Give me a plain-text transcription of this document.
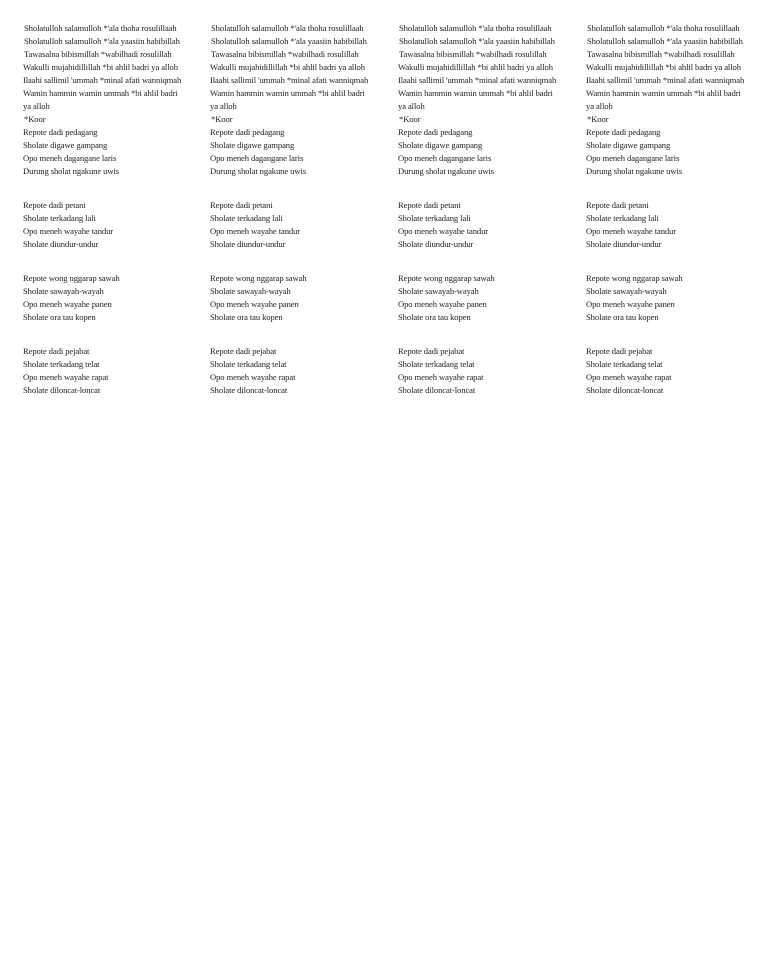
Sholatulloh salamulloh *'ala thoha rosulillaah
Sholatulloh salamulloh *'ala yaasiin habibillah
Tawasalna bibismillah *wabilhadi rosulillah
Wakulli mujahidillillah *bi ahlil badri ya alloh
Ilaahi sallimil 'ummah *minal afati wanniqmah
Wamin hammin wamin ummah *bi ahlil badri ya alloh
*Koor
Repote dadi pedagang
Sholate digawe gampang
Opo meneh dagangane laris
Durung sholat ngakune uwis
Repote dadi petani
Sholate terkadang lali
Opo meneh wayahe tandur
Sholate diundur-undur
Repote wong nggarap sawah
Sholate sawayah-wayah
Opo meneh wayahe panen
Sholate ora tau kopen
Repote dadi pejabat
Sholate terkadang telat
Opo meneh wayahe rapat
Sholate diloncat-loncat
Sholatulloh salamulloh *'ala thoha rosulillaah
Sholatulloh salamulloh *'ala yaasiin habibillah
Tawasalna bibismillah *wabilhadi rosulillah
Wakulli mujahidillillah *bi ahlil badri ya alloh
Ilaahi sallimil 'ummah *minal afati wanniqmah
Wamin hammin wamin ummah *bi ahlil badri ya alloh
*Koor
Repote dadi pedagang
Sholate digawe gampang
Opo meneh dagangane laris
Durung sholat ngakune uwis
Repote dadi petani
Sholate terkadang lali
Opo meneh wayahe tandur
Sholate diundur-undur
Repote wong nggarap sawah
Sholate sawayah-wayah
Opo meneh wayahe panen
Sholate ora tau kopen
Repote dadi pejabat
Sholate terkadang telat
Opo meneh wayahe rapat
Sholate diloncat-loncat
Sholatulloh salamulloh *'ala thoha rosulillaah
Sholatulloh salamulloh *'ala yaasiin habibillah
Tawasalna bibismillah *wabilhadi rosulillah
Wakulli mujahidillillah *bi ahlil badri ya alloh
Ilaahi sallimil 'ummah *minal afati wanniqmah
Wamin hammin wamin ummah *bi ahlil badri ya alloh
*Koor
Repote dadi pedagang
Sholate digawe gampang
Opo meneh dagangane laris
Durung sholat ngakune uwis
Repote dadi petani
Sholate terkadang lali
Opo meneh wayahe tandur
Sholate diundur-undur
Repote wong nggarap sawah
Sholate sawayah-wayah
Opo meneh wayahe panen
Sholate ora tau kopen
Repote dadi pejabat
Sholate terkadang telat
Opo meneh wayahe rapat
Sholate diloncat-loncat
Sholatulloh salamulloh *'ala thoha rosulillaah
Sholatulloh salamulloh *'ala yaasiin habibillah
Tawasalna bibismillah *wabilhadi rosulillah
Wakulli mujahidillillah *bi ahlil badri ya alloh
Ilaahi sallimil 'ummah *minal afati wanniqmah
Wamin hammin wamin ummah *bi ahlil badri ya alloh
*Koor
Repote dadi pedagang
Sholate digawe gampang
Opo meneh dagangane laris
Durung sholat ngakune uwis
Repote dadi petani
Sholate terkadang lali
Opo meneh wayahe tandur
Sholate diundur-undur
Repote wong nggarap sawah
Sholate sawayah-wayah
Opo meneh wayahe panen
Sholate ora tau kopen
Repote dadi pejabat
Sholate terkadang telat
Opo meneh wayahe rapat
Sholate diloncat-loncat
